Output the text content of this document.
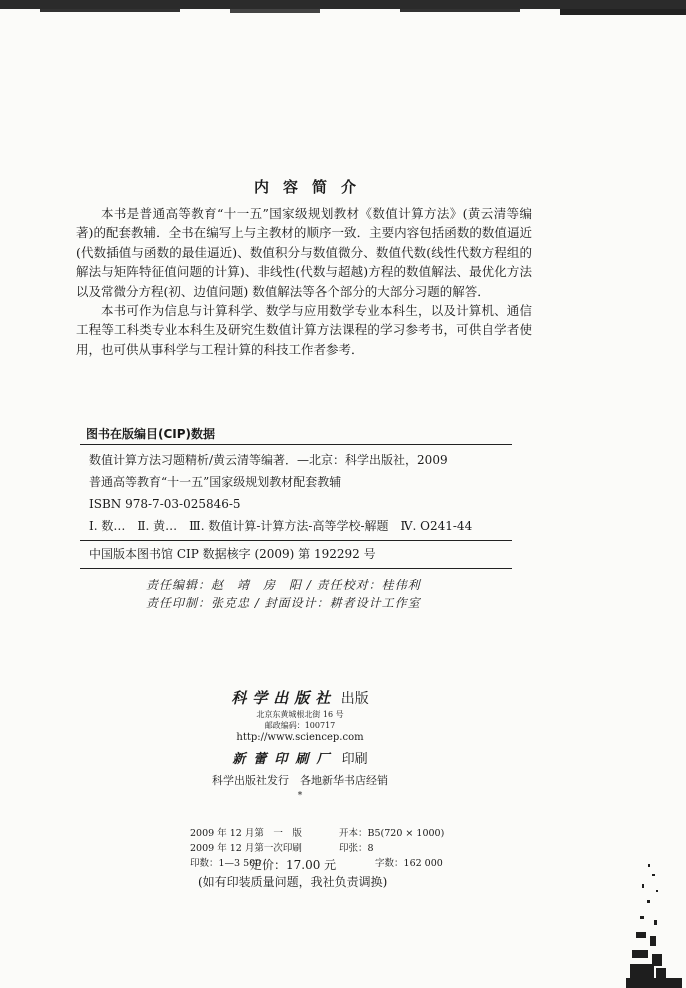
内容简介

本书是普通高等教育“十一五”国家级规划教材《数值计算方法》(黄云清等编著)的配套教辅．全书在编写上与主教材的顺序一致．主要内容包括函数的数值逼近(代数插值与函数的最佳逼近)、数值积分与数值微分、数值代数(线性代数方程组的解法与矩阵特征值问题的计算)、非线性(代数与超越)方程的数值解法、最优化方法以及常微分方程(初、边值问题) 数值解法等各个部分的大部分习题的解答．

本书可作为信息与计算科学、数学与应用数学专业本科生，以及计算机、通信工程等工科类专业本科生及研究生数值计算方法课程的学习参考书，可供自学者使用，也可供从事科学与工程计算的科技工作者参考．

图书在版编目(CIP)数据
数值计算方法习题精析/黄云清等编著．—北京：科学出版社，2009
普通高等教育“十一五”国家级规划教材配套教辅
ISBN 978-7-03-025846-5
Ⅰ. 数…　Ⅱ. 黄…　Ⅲ. 数值计算-计算方法-高等学校-解题　Ⅳ. O241-44
中国版本图书馆 CIP 数据核字 (2009) 第 192292 号
责任编辑：赵　靖　房　阳 / 责任校对：桂伟利
责任印制：张克忠 / 封面设计：耕者设计工作室
科学出版社 出版
北京东黄城根北街 16 号
邮政编码：100717
http://www.sciencep.com
新蕾印刷厂 印刷
科学出版社发行　各地新华书店经销
*
2009 年 12 月第　一　版	开本：B5(720 × 1000)
2009 年 12 月第一次印刷	印张：8
印数：1—3 500	字数：162 000
定价：17.00 元
(如有印装质量问题，我社负责调换)
